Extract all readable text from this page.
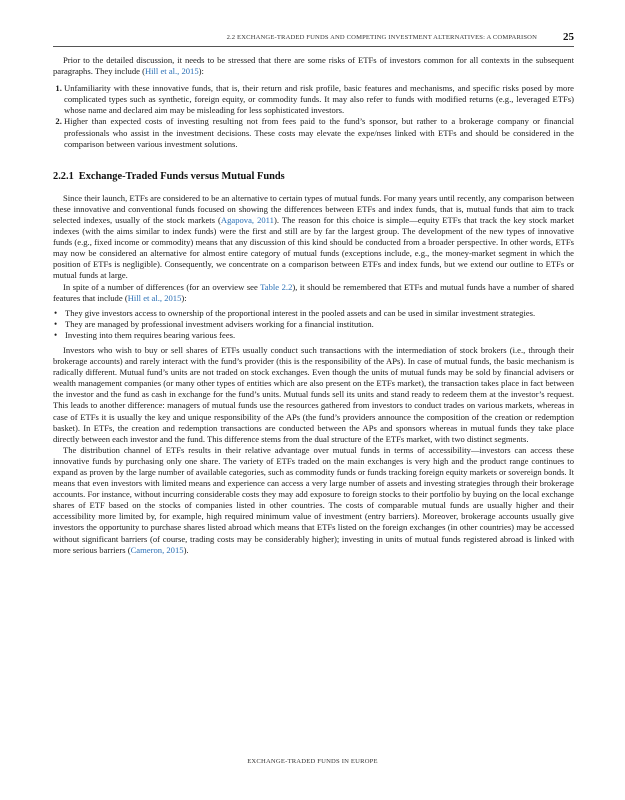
2.2 EXCHANGE-TRADED FUNDS AND COMPETING INVESTMENT ALTERNATIVES: A COMPARISON 25

Prior to the detailed discussion, it needs to be stressed that there are some risks of ETFs of investors common for all contexts in the subsequent paragraphs. They include (Hill et al., 2015):

1. Unfamiliarity with these innovative funds, that is, their return and risk profile, basic features and mechanisms, and specific risks posed by more complicated types such as synthetic, foreign equity, or commodity funds. It may also refer to funds with modified returns (e.g., leveraged ETFs) whose name and declared aim may be misleading for less sophisticated investors.
2. Higher than expected costs of investing resulting not from fees paid to the fund’s sponsor, but rather to a brokerage company or financial professionals who assist in the investment decisions. These costs may elevate the expe/nses linked with ETFs and should be considered in the comparison between various investment solutions.
2.2.1 Exchange-Traded Funds versus Mutual Funds

Since their launch, ETFs are considered to be an alternative to certain types of mutual funds. For many years until recently, any comparison between these innovative and conventional funds focused on showing the differences between ETFs and index funds, that is, mutual funds that aim to track selected indexes, usually of the stock markets (Agapova, 2011). The reason for this choice is simple—equity ETFs that track the key stock market indexes (with the aims similar to index funds) were the first and still are by far the largest group. The development of the new types of innovative funds (e.g., fixed income or commodity) means that any discussion of this kind should be conducted from a broader perspective. In other words, ETFs may now be considered an alternative for almost entire category of mutual funds (exceptions include, e.g., the money-market segment in which the position of ETFs is negligible). Consequently, we concentrate on a comparison between ETFs and index funds, but we extend our outline to ETFs or mutual funds at large.

In spite of a number of differences (for an overview see Table 2.2), it should be remembered that ETFs and mutual funds have a number of shared features that include (Hill et al., 2015):

• They give investors access to ownership of the proportional interest in the pooled assets and can be used in similar investment strategies.
• They are managed by professional investment advisers working for a financial institution.
• Investing into them requires bearing various fees.

Investors who wish to buy or sell shares of ETFs usually conduct such transactions with the intermediation of stock brokers (i.e., through their brokerage accounts) and rarely interact with the fund’s provider (this is the responsibility of the APs). In case of mutual funds, the basic mechanism is radically different. Mutual fund’s units are not traded on stock exchanges. Even though the units of mutual funds may be sold by financial advisers or wealth management companies (or many other types of entities which are also present on the ETFs market), the transaction takes place in fact between the investor and the fund as cash in exchange for the fund’s units. Mutual funds sell its units and stand ready to redeem them at the investor’s request. This leads to another difference: managers of mutual funds use the resources gathered from investors to conduct trades on various markets, whereas in case of ETFs it is usually the key and unique responsibility of the APs (the fund’s providers announce the composition of the creation or redemption basket). In ETFs, the creation and redemption transactions are conducted between the APs and sponsors whereas in mutual funds they take place directly between each investor and the fund. This difference stems from the dual structure of the ETFs market, with two distinct segments.

The distribution channel of ETFs results in their relative advantage over mutual funds in terms of accessibility—investors can access these innovative funds by purchasing only one share. The variety of ETFs traded on the main exchanges is very high and the product range continues to expand as proven by the large number of available categories, such as commodity funds or funds tracking foreign equity markets or sovereign bonds. It means that even investors with limited means and experience can access a very large number of assets and investing strategies through their brokerage accounts. For instance, without incurring considerable costs they may add exposure to foreign stocks to their portfolio by buying on the local exchange shares of ETF based on the stocks of companies listed in other countries. The costs of comparable mutual funds are usually higher and their accessibility more limited by, for example, high required minimum value of investment (entry barriers). Moreover, brokerage accounts usually give investors the opportunity to purchase shares listed abroad which means that ETFs listed on the foreign exchanges (in other countries) may be accessed without significant barriers (of course, trading costs may be considerably higher); investing in units of mutual funds registered abroad is linked with more serious barriers (Cameron, 2015).

EXCHANGE-TRADED FUNDS IN EUROPE
